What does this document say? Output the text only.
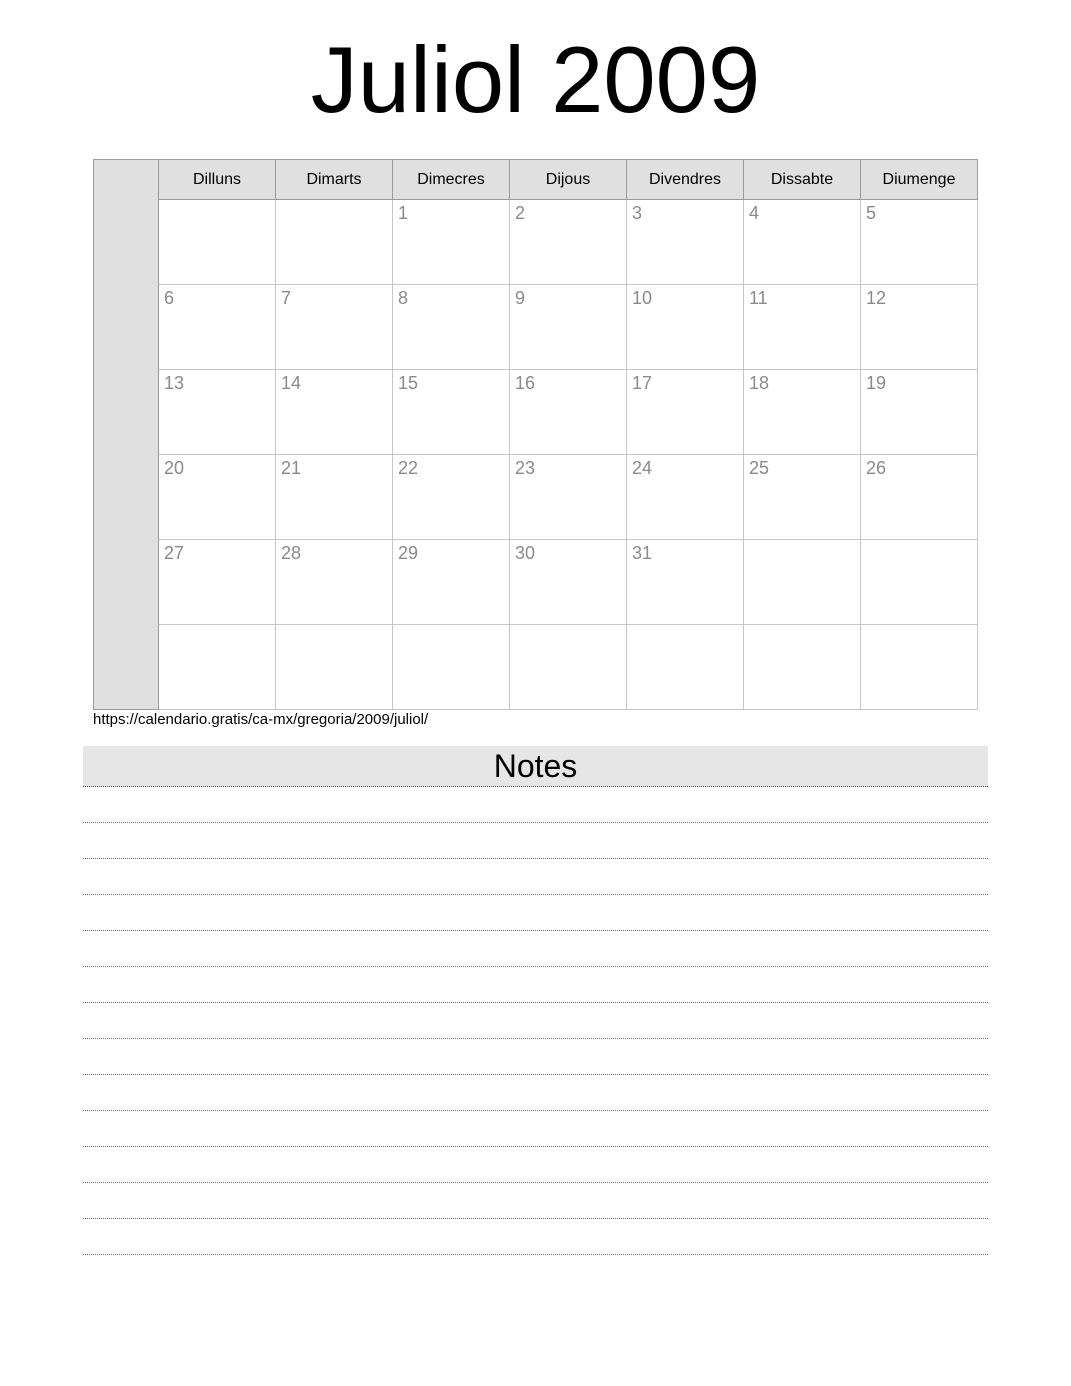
Juliol 2009
	Dilluns	Dimarts	Dimecres	Dijous	Divendres	Dissabte	Diumenge
			1	2	3	4	5
	6	7	8	9	10	11	12
	13	14	15	16	17	18	19
	20	21	22	23	24	25	26
	27	28	29	30	31		

https://calendario.gratis/ca-mx/gregoria/2009/juliol/
Notes
